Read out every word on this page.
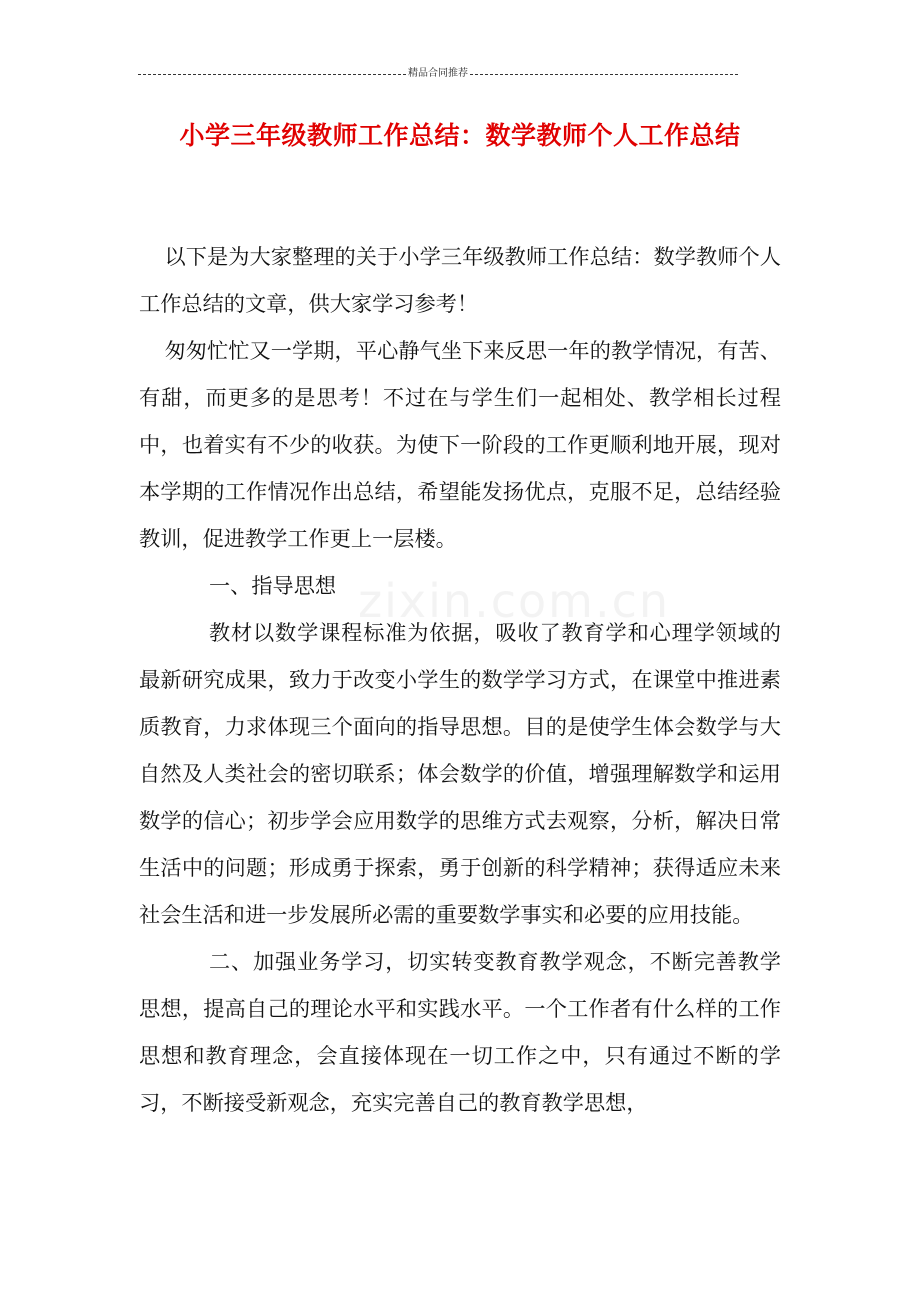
精品合同推荐
小学三年级教师工作总结：数学教师个人工作总结
zixin.com.cn

以下是为大家整理的关于小学三年级教师工作总结：数学教师个人工作总结的文章，供大家学习参考！

匆匆忙忙又一学期，平心静气坐下来反思一年的教学情况，有苦、有甜，而更多的是思考！不过在与学生们一起相处、教学相长过程中，也着实有不少的收获。为使下一阶段的工作更顺利地开展，现对本学期的工作情况作出总结，希望能发扬优点，克服不足，总结经验教训，促进教学工作更上一层楼。

一、指导思想

教材以数学课程标准为依据，吸收了教育学和心理学领域的最新研究成果，致力于改变小学生的数学学习方式，在课堂中推进素质教育，力求体现三个面向的指导思想。目的是使学生体会数学与大自然及人类社会的密切联系；体会数学的价值，增强理解数学和运用数学的信心；初步学会应用数学的思维方式去观察，分析，解决日常生活中的问题；形成勇于探索，勇于创新的科学精神；获得适应未来社会生活和进一步发展所必需的重要数学事实和必要的应用技能。

二、加强业务学习，切实转变教育教学观念，不断完善教学思想，提高自己的理论水平和实践水平。一个工作者有什么样的工作思想和教育理念，会直接体现在一切工作之中，只有通过不断的学习，不断接受新观念，充实完善自己的教育教学思想，
